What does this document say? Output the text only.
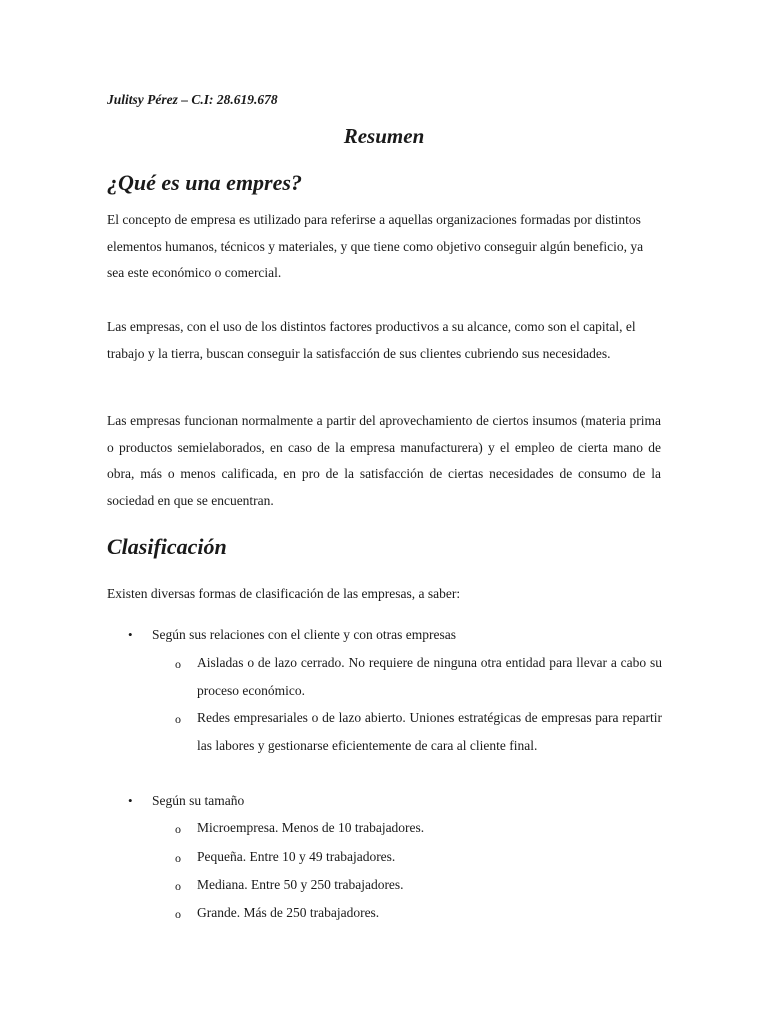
Julitsy Pérez – C.I: 28.619.678
Resumen
¿Qué es una empres?

El concepto de empresa es utilizado para referirse a aquellas organizaciones formadas por distintos elementos humanos, técnicos y materiales, y que tiene como objetivo conseguir algún beneficio, ya sea este económico o comercial.

Las empresas, con el uso de los distintos factores productivos a su alcance, como son el capital, el trabajo y la tierra, buscan conseguir la satisfacción de sus clientes cubriendo sus necesidades.

Las empresas funcionan normalmente a partir del aprovechamiento de ciertos insumos (materia prima o productos semielaborados, en caso de la empresa manufacturera) y el empleo de cierta mano de obra, más o menos calificada, en pro de la satisfacción de ciertas necesidades de consumo de la sociedad en que se encuentran.

Clasificación

Existen diversas formas de clasificación de las empresas, a saber:

• Según sus relaciones con el cliente y con otras empresas
o Aisladas o de lazo cerrado. No requiere de ninguna otra entidad para llevar a cabo su proceso económico.

o Redes empresariales o de lazo abierto. Uniones estratégicas de empresas para repartir las labores y gestionarse eficientemente de cara al cliente final.

• Según su tamaño
o Microempresa. Menos de 10 trabajadores.

o Pequeña. Entre 10 y 49 trabajadores.

o Mediana. Entre 50 y 250 trabajadores.

o Grande. Más de 250 trabajadores.
